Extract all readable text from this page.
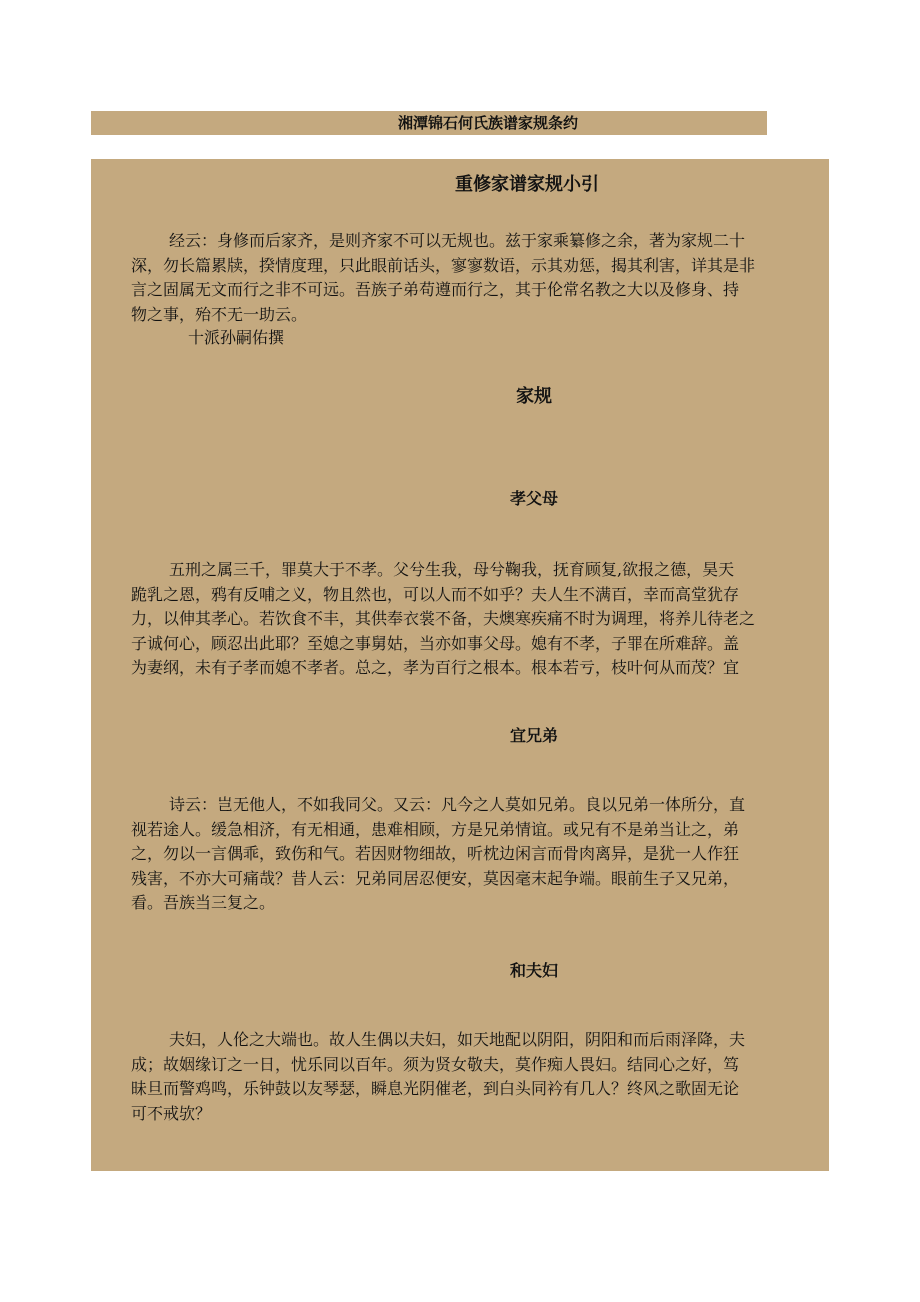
湘潭锦石何氏族谱家规条约
重修家谱家规小引
经云：身修而后家齐，是则齐家不可以无规也。兹于家乘纂修之余，著为家规二十
深，勿长篇累牍，揆情度理，只此眼前话头，寥寥数语，示其劝惩，揭其利害，详其是非
言之固属无文而行之非不可远。吾族子弟苟遵而行之，其于伦常名教之大以及修身、持
物之事，殆不无一助云。
十派孙嗣佑撰
家规
孝父母
五刑之属三千，罪莫大于不孝。父兮生我，母兮鞠我，抚育顾复,欲报之德，昊天
跪乳之恩，鸦有反哺之义，物且然也，可以人而不如乎？夫人生不满百，幸而高堂犹存
力，以伸其孝心。若饮食不丰，其供奉衣裳不备，夫燠寒疾痛不时为调理，将养儿待老之
子诚何心，顾忍出此耶？至媳之事舅姑，当亦如事父母。媳有不孝，子罪在所难辞。盖
为妻纲，未有子孝而媳不孝者。总之，孝为百行之根本。根本若亏，枝叶何从而茂？宜
宜兄弟
诗云：岂无他人，不如我同父。又云：凡今之人莫如兄弟。良以兄弟一体所分，直
视若途人。缓急相济，有无相通，患难相顾，方是兄弟情谊。或兄有不是弟当让之，弟
之，勿以一言偶乖，致伤和气。若因财物细故，听枕边闲言而骨肉离异，是犹一人作狂
残害，不亦大可痛哉？昔人云：兄弟同居忍便安，莫因毫末起争端。眼前生子又兄弟，
看。吾族当三复之。
和夫妇
夫妇，人伦之大端也。故人生偶以夫妇，如天地配以阴阳，阴阳和而后雨泽降，夫
成；故姻缘订之一日，忧乐同以百年。须为贤女敬夫，莫作痴人畏妇。结同心之好，笃
昧旦而警鸡鸣，乐钟鼓以友琴瑟，瞬息光阴催老，到白头同衿有几人？终风之歌固无论
可不戒欤？
